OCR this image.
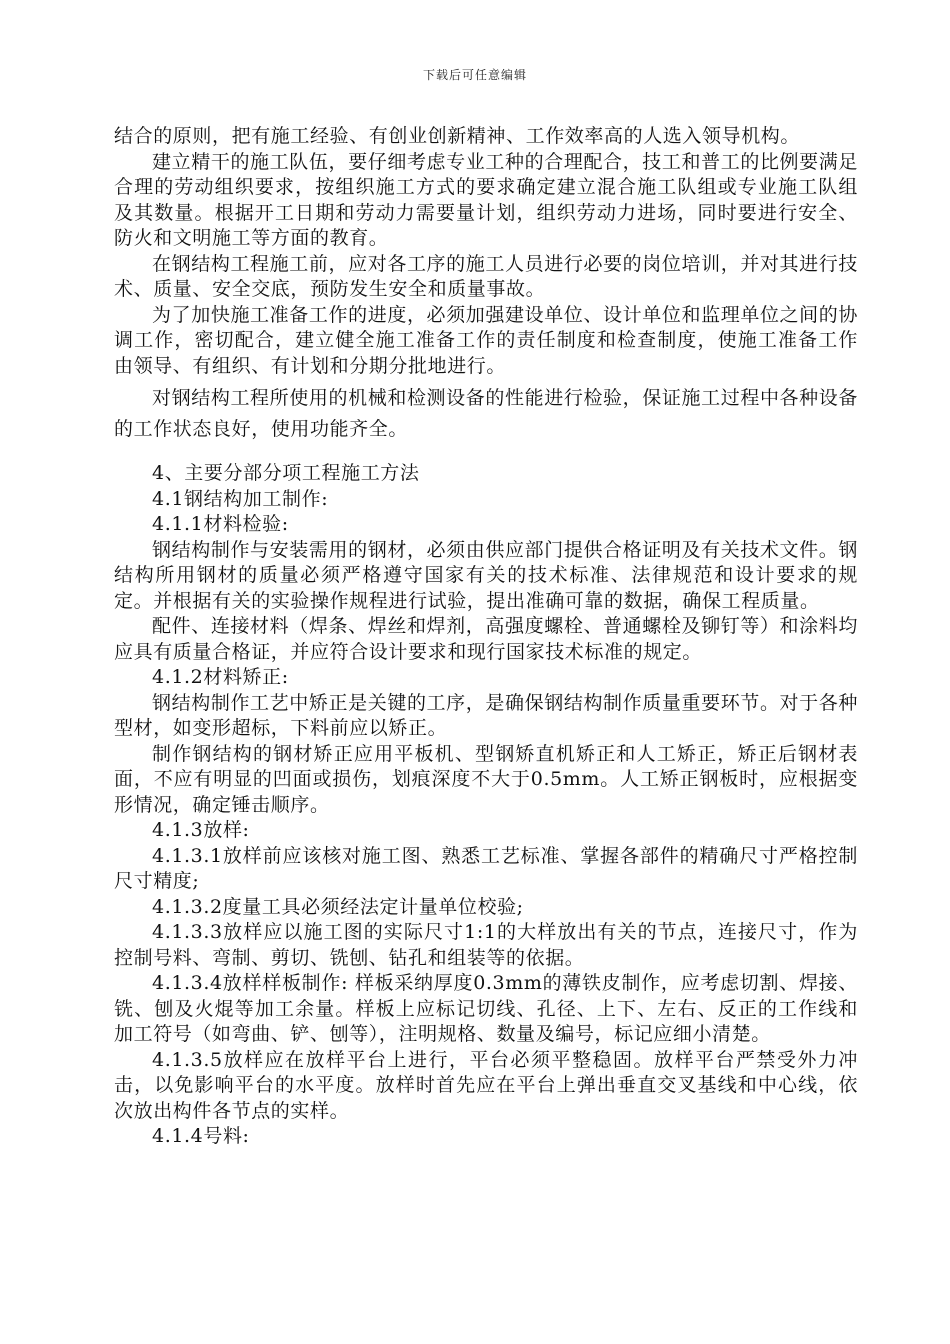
下载后可任意编辑

结合的原则，把有施工经验、有创业创新精神、工作效率高的人选入领导机构。

建立精干的施工队伍，要仔细考虑专业工种的合理配合，技工和普工的比例要满足合理的劳动组织要求，按组织施工方式的要求确定建立混合施工队组或专业施工队组及其数量。根据开工日期和劳动力需要量计划，组织劳动力进场，同时要进行安全、防火和文明施工等方面的教育。

在钢结构工程施工前，应对各工序的施工人员进行必要的岗位培训，并对其进行技术、质量、安全交底，预防发生安全和质量事故。

为了加快施工准备工作的进度，必须加强建设单位、设计单位和监理单位之间的协调工作，密切配合，建立健全施工准备工作的责任制度和检查制度，使施工准备工作由领导、有组织、有计划和分期分批地进行。

对钢结构工程所使用的机械和检测设备的性能进行检验，保证施工过程中各种设备的工作状态良好，使用功能齐全。

4、主要分部分项工程施工方法

4.1钢结构加工制作:

4.1.1材料检验:

钢结构制作与安装需用的钢材，必须由供应部门提供合格证明及有关技术文件。钢结构所用钢材的质量必须严格遵守国家有关的技术标准、法律规范和设计要求的规定。并根据有关的实验操作规程进行试验，提出准确可靠的数据，确保工程质量。

配件、连接材料（焊条、焊丝和焊剂，高强度螺栓、普通螺栓及铆钉等）和涂料均应具有质量合格证，并应符合设计要求和现行国家技术标准的规定。

4.1.2材料矫正:

钢结构制作工艺中矫正是关键的工序，是确保钢结构制作质量重要环节。对于各种型材，如变形超标，下料前应以矫正。

制作钢结构的钢材矫正应用平板机、型钢矫直机矫正和人工矫正，矫正后钢材表面，不应有明显的凹面或损伤，划痕深度不大于0.5mm。人工矫正钢板时，应根据变形情况，确定锤击顺序。

4.1.3放样:

4.1.3.1放样前应该核对施工图、熟悉工艺标准、掌握各部件的精确尺寸严格控制尺寸精度;

4.1.3.2度量工具必须经法定计量单位校验;

4.1.3.3放样应以施工图的实际尺寸1:1的大样放出有关的节点，连接尺寸，作为控制号料、弯制、剪切、铣刨、钻孔和组装等的依据。

4.1.3.4放样样板制作: 样板采纳厚度0.3mm的薄铁皮制作，应考虑切割、焊接、铣、刨及火焜等加工余量。样板上应标记切线、孔径、上下、左右、反正的工作线和加工符号（如弯曲、铲、刨等），注明规格、数量及编号，标记应细小清楚。

4.1.3.5放样应在放样平台上进行，平台必须平整稳固。放样平台严禁受外力冲击，以免影响平台的水平度。放样时首先应在平台上弹出垂直交叉基线和中心线，依次放出构件各节点的实样。

4.1.4号料:
